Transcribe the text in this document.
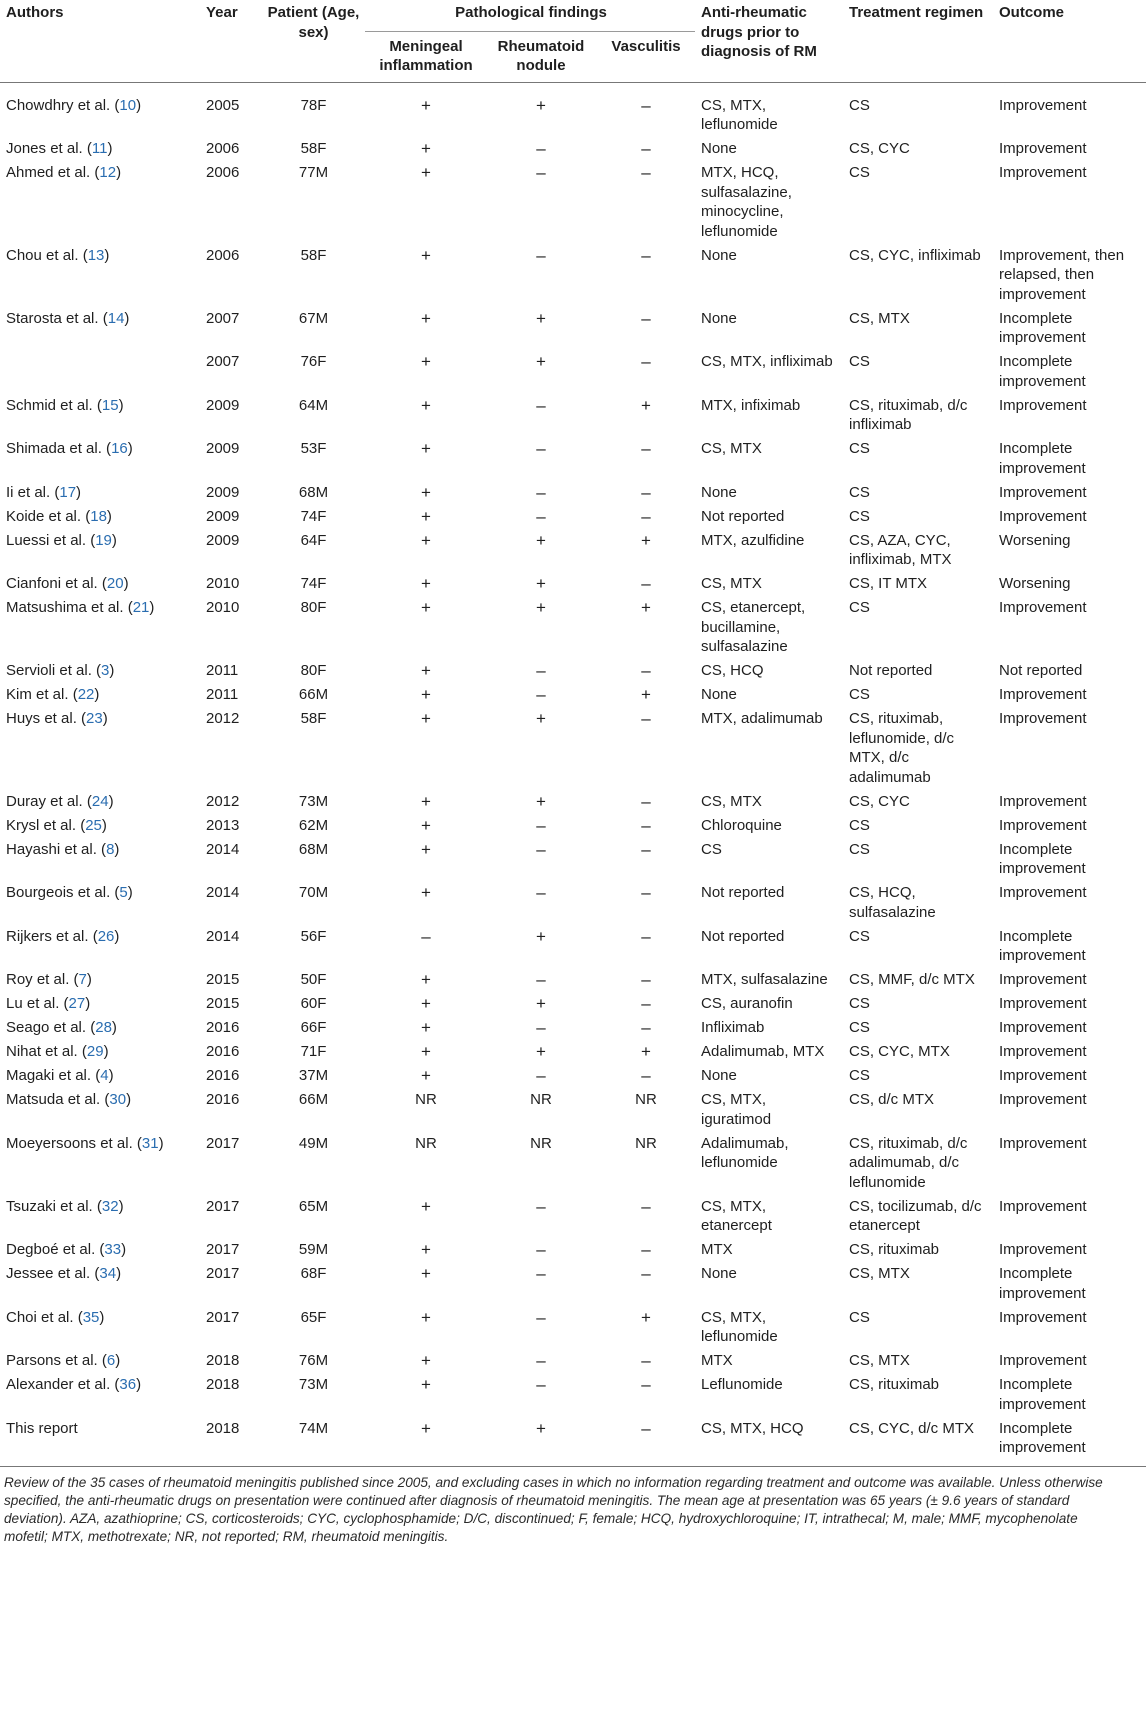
Authors	Year	Patient (Age, sex)	Pathological findings			Anti-rheumatic drugs prior to diagnosis of RM	Treatment regimen	Outcome
			Meningeal inflammation	Rheumatoid nodule	Vasculitis			
Chowdhry et al. (10)	2005	78F	+	+	–	CS, MTX, leflunomide	CS	Improvement
Jones et al. (11)	2006	58F	+	–	–	None	CS, CYC	Improvement
Ahmed et al. (12)	2006	77M	+	–	–	MTX, HCQ, sulfasalazine, minocycline, leflunomide	CS	Improvement
Chou et al. (13)	2006	58F	+	–	–	None	CS, CYC, infliximab	Improvement, then relapsed, then improvement
Starosta et al. (14)	2007	67M	+	+	–	None	CS, MTX	Incomplete improvement
	2007	76F	+	+	–	CS, MTX, infliximab	CS	Incomplete improvement
Schmid et al. (15)	2009	64M	+	–	+	MTX, infiximab	CS, rituximab, d/c infliximab	Improvement
Shimada et al. (16)	2009	53F	+	–	–	CS, MTX	CS	Incomplete improvement
Ii et al. (17)	2009	68M	+	–	–	None	CS	Improvement
Koide et al. (18)	2009	74F	+	–	–	Not reported	CS	Improvement
Luessi et al. (19)	2009	64F	+	+	+	MTX, azulfidine	CS, AZA, CYC, infliximab, MTX	Worsening
Cianfoni et al. (20)	2010	74F	+	+	–	CS, MTX	CS, IT MTX	Worsening
Matsushima et al. (21)	2010	80F	+	+	+	CS, etanercept, bucillamine, sulfasalazine	CS	Improvement
Servioli et al. (3)	2011	80F	+	–	–	CS, HCQ	Not reported	Not reported
Kim et al. (22)	2011	66M	+	–	+	None	CS	Improvement
Huys et al. (23)	2012	58F	+	+	–	MTX, adalimumab	CS, rituximab, leflunomide, d/c MTX, d/c adalimumab	Improvement
Duray et al. (24)	2012	73M	+	+	–	CS, MTX	CS, CYC	Improvement
Krysl et al. (25)	2013	62M	+	–	–	Chloroquine	CS	Improvement
Hayashi et al. (8)	2014	68M	+	–	–	CS	CS	Incomplete improvement
Bourgeois et al. (5)	2014	70M	+	–	–	Not reported	CS, HCQ, sulfasalazine	Improvement
Rijkers et al. (26)	2014	56F	–	+	–	Not reported	CS	Incomplete improvement
Roy et al. (7)	2015	50F	+	–	–	MTX, sulfasalazine	CS, MMF, d/c MTX	Improvement
Lu et al. (27)	2015	60F	+	+	–	CS, auranofin	CS	Improvement
Seago et al. (28)	2016	66F	+	–	–	Infliximab	CS	Improvement
Nihat et al. (29)	2016	71F	+	+	+	Adalimumab, MTX	CS, CYC, MTX	Improvement
Magaki et al. (4)	2016	37M	+	–	–	None	CS	Improvement
Matsuda et al. (30)	2016	66M	NR	NR	NR	CS, MTX, iguratimod	CS, d/c MTX	Improvement
Moeyersoons et al. (31)	2017	49M	NR	NR	NR	Adalimumab, leflunomide	CS, rituximab, d/c adalimumab, d/c leflunomide	Improvement
Tsuzaki et al. (32)	2017	65M	+	–	–	CS, MTX, etanercept	CS, tocilizumab, d/c etanercept	Improvement
Degboé et al. (33)	2017	59M	+	–	–	MTX	CS, rituximab	Improvement
Jessee et al. (34)	2017	68F	+	–	–	None	CS, MTX	Incomplete improvement
Choi et al. (35)	2017	65F	+	–	+	CS, MTX, leflunomide	CS	Improvement
Parsons et al. (6)	2018	76M	+	–	–	MTX	CS, MTX	Improvement
Alexander et al. (36)	2018	73M	+	–	–	Leflunomide	CS, rituximab	Incomplete improvement
This report	2018	74M	+	+	–	CS, MTX, HCQ	CS, CYC, d/c MTX	Incomplete improvement
Review of the 35 cases of rheumatoid meningitis published since 2005, and excluding cases in which no information regarding treatment and outcome was available. Unless otherwise
specified, the anti-rheumatic drugs on presentation were continued after diagnosis of rheumatoid meningitis. The mean age at presentation was 65 years (± 9.6 years of standard
deviation). AZA, azathioprine; CS, corticosteroids; CYC, cyclophosphamide; D/C, discontinued; F, female; HCQ, hydroxychloroquine; IT, intrathecal; M, male; MMF, mycophenolate
mofetil; MTX, methotrexate; NR, not reported; RM, rheumatoid meningitis.
